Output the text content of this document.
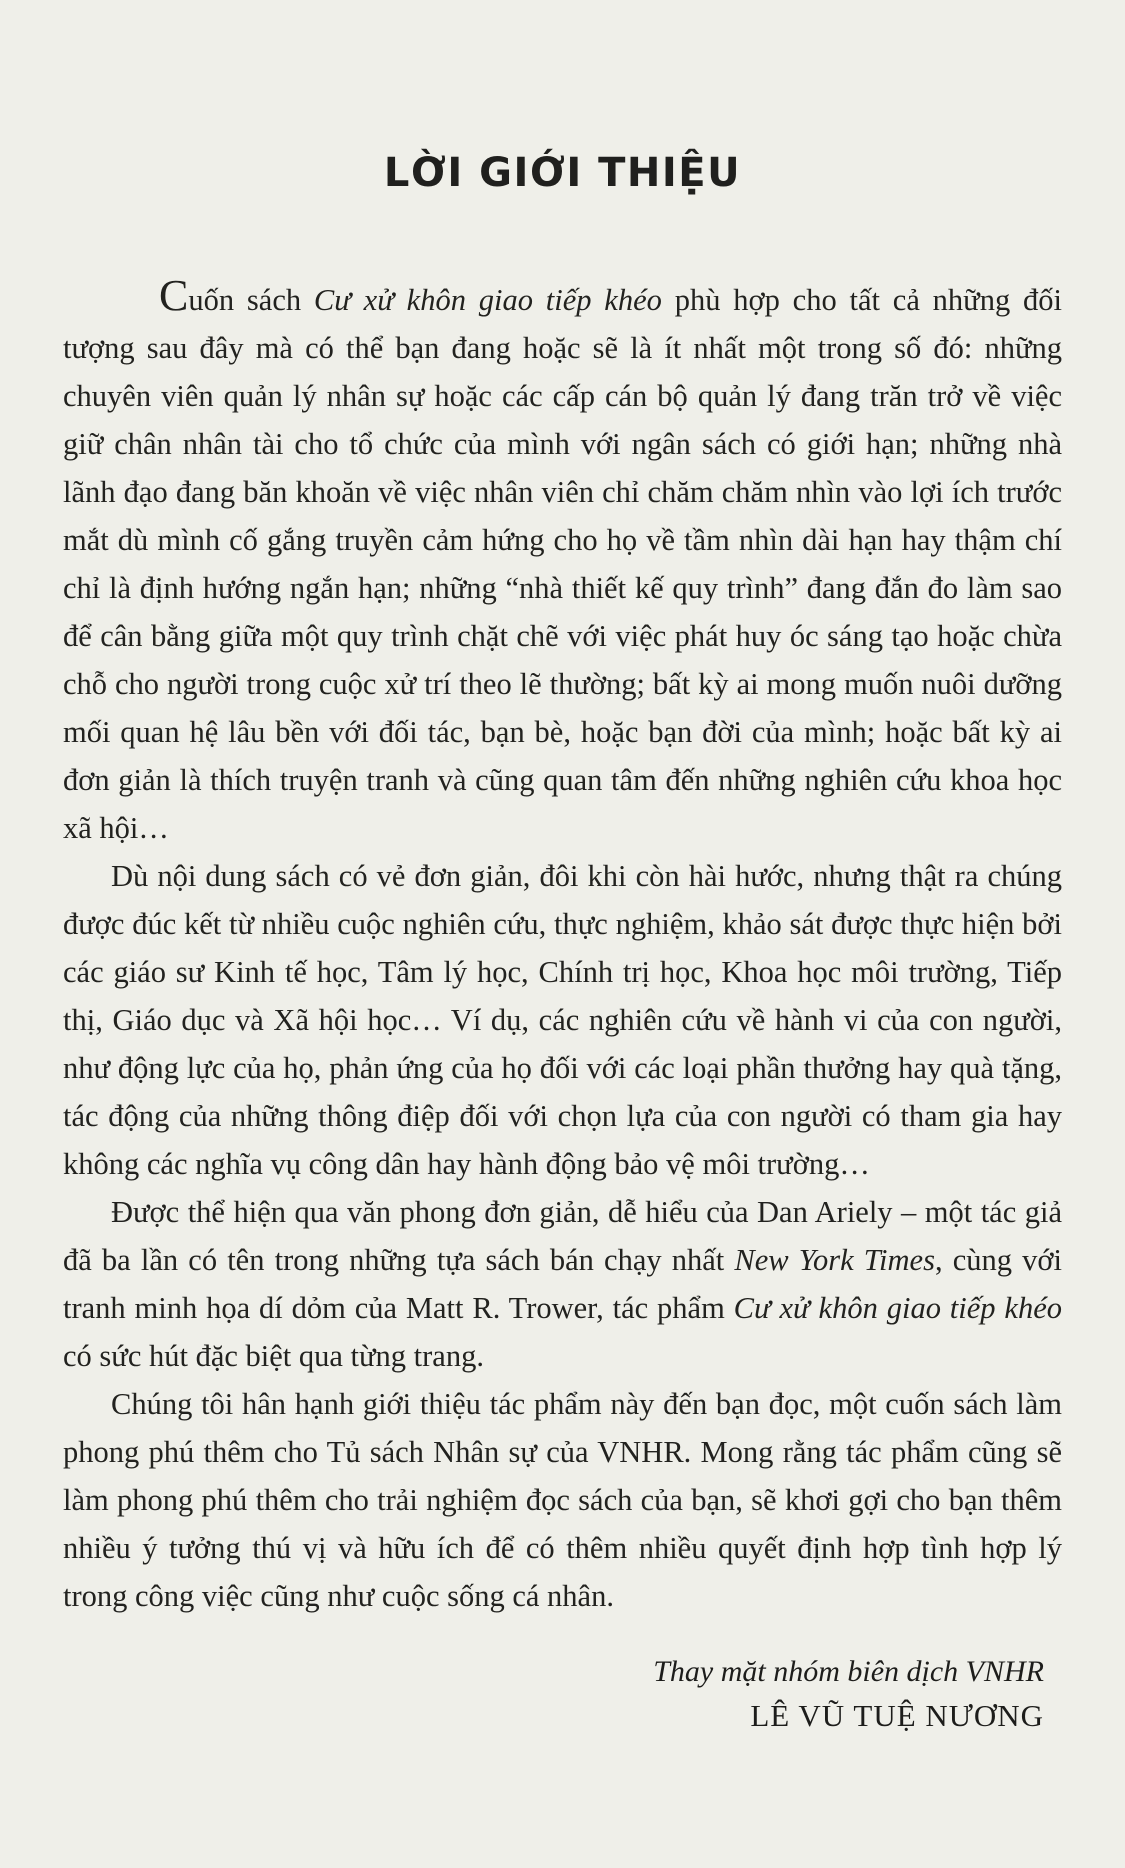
LỜI GIỚI THIỆU

Cuốn sách Cư xử khôn giao tiếp khéo phù hợp cho tất cả những đối tượng sau đây mà có thể bạn đang hoặc sẽ là ít nhất một trong số đó: những chuyên viên quản lý nhân sự hoặc các cấp cán bộ quản lý đang trăn trở về việc giữ chân nhân tài cho tổ chức của mình với ngân sách có giới hạn; những nhà lãnh đạo đang băn khoăn về việc nhân viên chỉ chăm chăm nhìn vào lợi ích trước mắt dù mình cố gắng truyền cảm hứng cho họ về tầm nhìn dài hạn hay thậm chí chỉ là định hướng ngắn hạn; những “nhà thiết kế quy trình” đang đắn đo làm sao để cân bằng giữa một quy trình chặt chẽ với việc phát huy óc sáng tạo hoặc chừa chỗ cho người trong cuộc xử trí theo lẽ thường; bất kỳ ai mong muốn nuôi dưỡng mối quan hệ lâu bền với đối tác, bạn bè, hoặc bạn đời của mình; hoặc bất kỳ ai đơn giản là thích truyện tranh và cũng quan tâm đến những nghiên cứu khoa học xã hội…

Dù nội dung sách có vẻ đơn giản, đôi khi còn hài hước, nhưng thật ra chúng được đúc kết từ nhiều cuộc nghiên cứu, thực nghiệm, khảo sát được thực hiện bởi các giáo sư Kinh tế học, Tâm lý học, Chính trị học, Khoa học môi trường, Tiếp thị, Giáo dục và Xã hội học… Ví dụ, các nghiên cứu về hành vi của con người, như động lực của họ, phản ứng của họ đối với các loại phần thưởng hay quà tặng, tác động của những thông điệp đối với chọn lựa của con người có tham gia hay không các nghĩa vụ công dân hay hành động bảo vệ môi trường…

Được thể hiện qua văn phong đơn giản, dễ hiểu của Dan Ariely – một tác giả đã ba lần có tên trong những tựa sách bán chạy nhất New York Times, cùng với tranh minh họa dí dỏm của Matt R. Trower, tác phẩm Cư xử khôn giao tiếp khéo có sức hút đặc biệt qua từng trang.

Chúng tôi hân hạnh giới thiệu tác phẩm này đến bạn đọc, một cuốn sách làm phong phú thêm cho Tủ sách Nhân sự của VNHR. Mong rằng tác phẩm cũng sẽ làm phong phú thêm cho trải nghiệm đọc sách của bạn, sẽ khơi gợi cho bạn thêm nhiều ý tưởng thú vị và hữu ích để có thêm nhiều quyết định hợp tình hợp lý trong công việc cũng như cuộc sống cá nhân.

Thay mặt nhóm biên dịch VNHR
LÊ VŨ TUỆ NƯƠNG
